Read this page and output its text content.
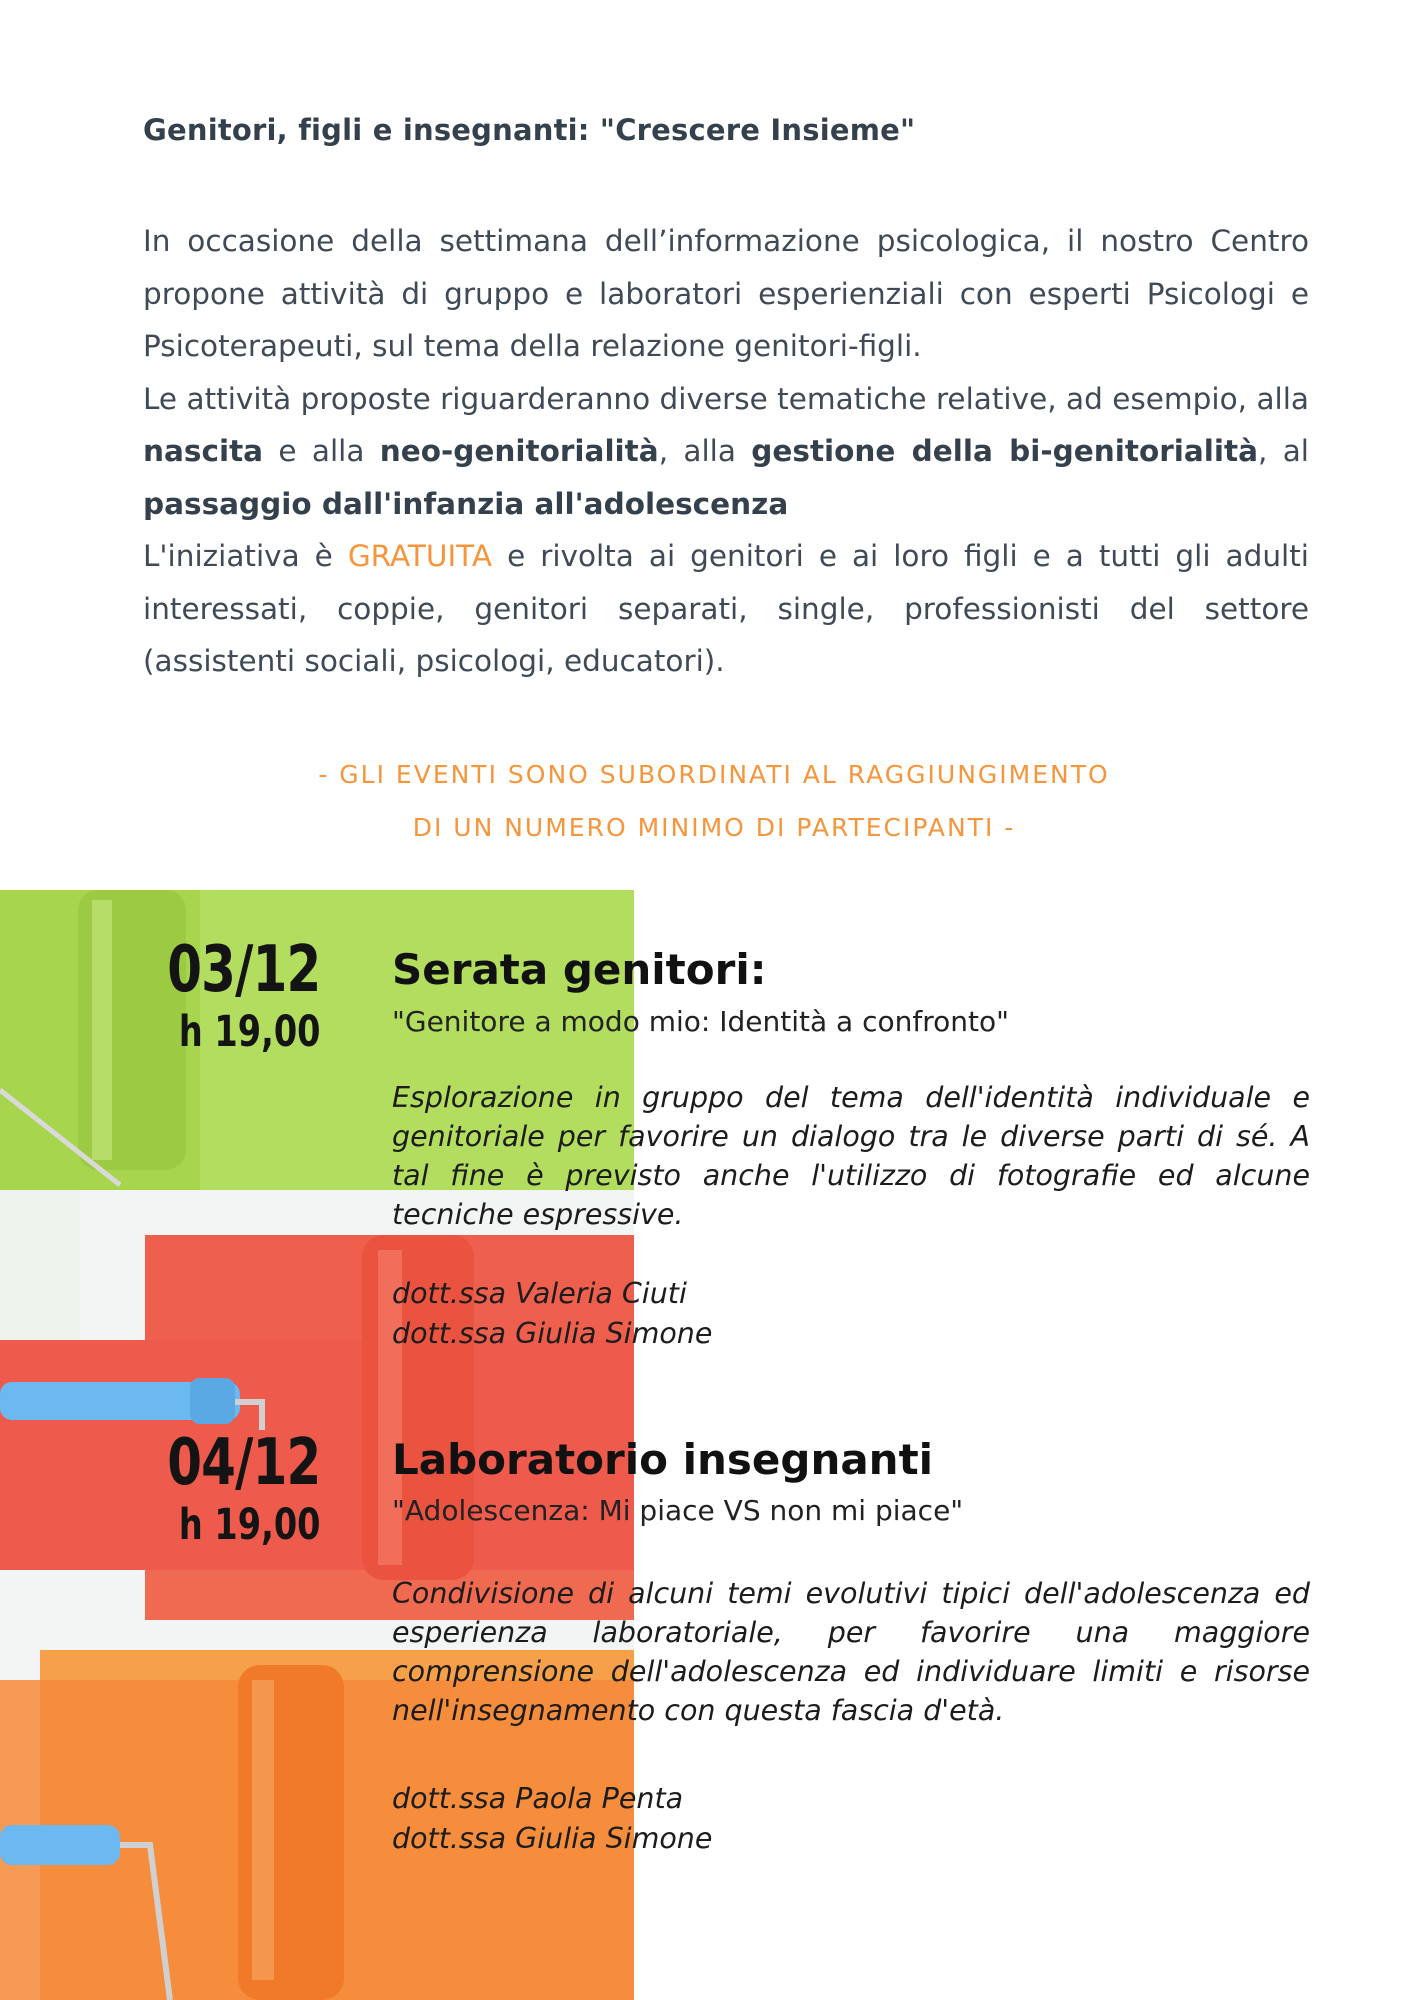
Genitori, figli e insegnanti: "Crescere Insieme"

In occasione della settimana dell’informazione psicologica, il nostro Centro propone attività di gruppo e laboratori esperienziali con esperti Psicologi e Psicoterapeuti, sul tema della relazione genitori-figli.

Le attività proposte riguarderanno diverse tematiche relative, ad esempio, alla nascita e alla neo-genitorialità, alla gestione della bi-genitorialità, al passaggio dall'infanzia all'adolescenza

L'iniziativa è GRATUITA e rivolta ai genitori e ai loro figli e a tutti gli adulti interessati, coppie, genitori separati, single, professionisti del settore (assistenti sociali, psicologi, educatori).

- GLI EVENTI SONO SUBORDINATI AL RAGGIUNGIMENTO
DI UN NUMERO MINIMO DI PARTECIPANTI -
03/12
h 19,00
Serata genitori:
"Genitore a modo mio: Identità a confronto"
Esplorazione in gruppo del tema dell'identità individuale e genitoriale per favorire un dialogo tra le diverse parti di sé. A tal fine è previsto anche l'utilizzo di fotografie ed alcune tecniche espressive.
dott.ssa Valeria Ciuti
dott.ssa Giulia Simone
04/12
h 19,00
Laboratorio insegnanti
"Adolescenza: Mi piace VS non mi piace"
Condivisione di alcuni temi evolutivi tipici dell'adolescenza ed esperienza laboratoriale, per favorire una maggiore comprensione dell'adolescenza ed individuare limiti e risorse nell'insegnamento con questa fascia d'età.
dott.ssa Paola Penta
dott.ssa Giulia Simone
